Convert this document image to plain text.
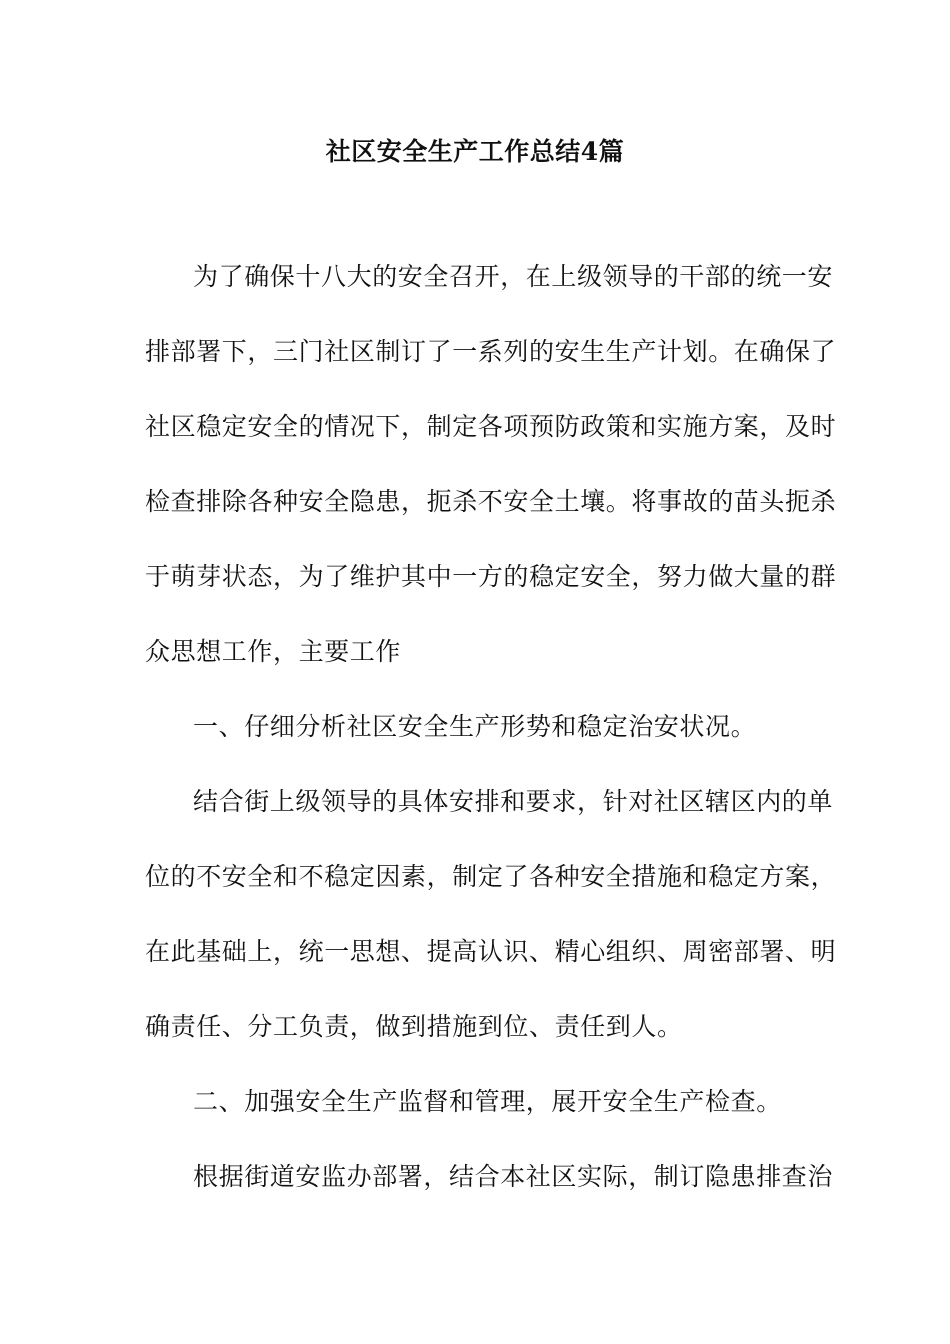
社区安全生产工作总结4篇
为了确保十八大的安全召开，在上级领导的干部的统一安
排部署下，三门社区制订了一系列的安生生产计划。在确保了
社区稳定安全的情况下，制定各项预防政策和实施方案，及时
检查排除各种安全隐患，扼杀不安全土壤。将事故的苗头扼杀
于萌芽状态，为了维护其中一方的稳定安全，努力做大量的群
众思想工作，主要工作
一、仔细分析社区安全生产形势和稳定治安状况。
结合街上级领导的具体安排和要求，针对社区辖区内的单
位的不安全和不稳定因素，制定了各种安全措施和稳定方案，
在此基础上，统一思想、提高认识、精心组织、周密部署、明
确责任、分工负责，做到措施到位、责任到人。
二、加强安全生产监督和管理，展开安全生产检查。
根据街道安监办部署，结合本社区实际，制订隐患排查治
